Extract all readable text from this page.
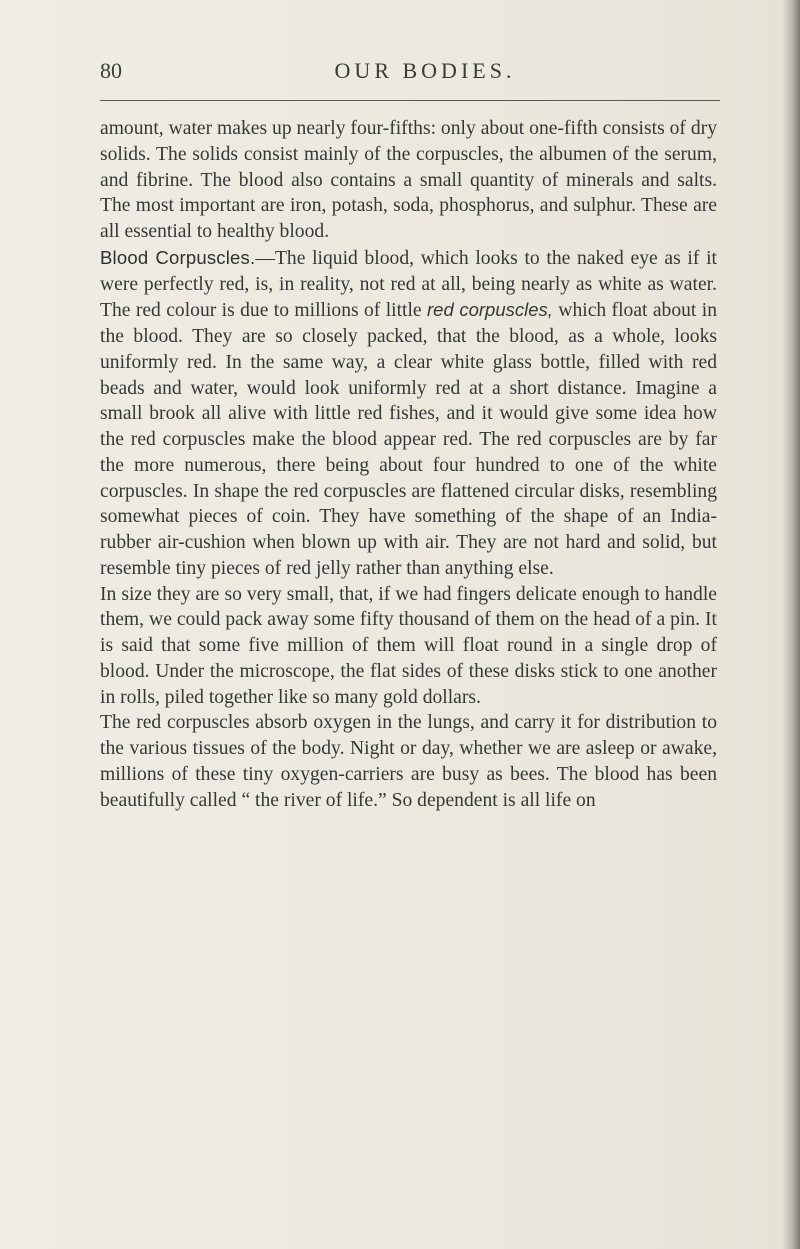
80	OUR BODIES.

amount, water makes up nearly four-fifths: only about one-fifth consists of dry solids. The solids consist mainly of the corpuscles, the albumen of the serum, and fibrine. The blood also contains a small quantity of minerals and salts. The most important are iron, potash, soda, phosphorus, and sulphur. These are all essential to healthy blood.

Blood Corpuscles.—The liquid blood, which looks to the naked eye as if it were perfectly red, is, in reality, not red at all, being nearly as white as water. The red colour is due to millions of little red corpuscles, which float about in the blood. They are so closely packed, that the blood, as a whole, looks uniformly red. In the same way, a clear white glass bottle, filled with red beads and water, would look uniformly red at a short distance. Imagine a small brook all alive with little red fishes, and it would give some idea how the red corpuscles make the blood appear red. The red corpuscles are by far the more numerous, there being about four hundred to one of the white corpuscles. In shape the red corpuscles are flattened circular disks, resembling somewhat pieces of coin. They have something of the shape of an India-rubber air-cushion when blown up with air. They are not hard and solid, but resemble tiny pieces of red jelly rather than anything else.

In size they are so very small, that, if we had fingers delicate enough to handle them, we could pack away some fifty thousand of them on the head of a pin. It is said that some five million of them will float round in a single drop of blood. Under the microscope, the flat sides of these disks stick to one another in rolls, piled together like so many gold dollars.

The red corpuscles absorb oxygen in the lungs, and carry it for distribution to the various tissues of the body. Night or day, whether we are asleep or awake, millions of these tiny oxygen-carriers are busy as bees. The blood has been beautifully called “ the river of life.” So dependent is all life on
